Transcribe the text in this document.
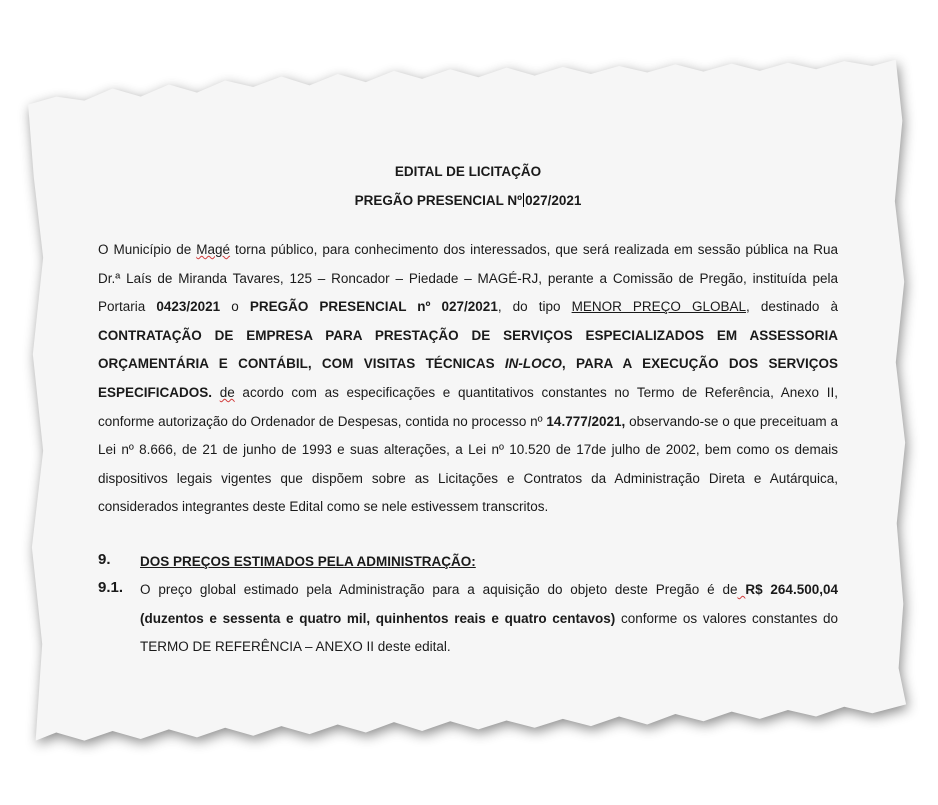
EDITAL DE LICITAÇÃO
PREGÃO PRESENCIAL Nº 027/2021
O Município de Magé torna público, para conhecimento dos interessados, que será realizada em sessão pública na Rua Dr.ª Laís de Miranda Tavares, 125 – Roncador – Piedade – MAGÉ-RJ, perante a Comissão de Pregão, instituída pela Portaria 0423/2021 o PREGÃO PRESENCIAL nº 027/2021, do tipo MENOR PREÇO GLOBAL, destinado à CONTRATAÇÃO DE EMPRESA PARA PRESTAÇÃO DE SERVIÇOS ESPECIALIZADOS EM ASSESSORIA ORÇAMENTÁRIA E CONTÁBIL, COM VISITAS TÉCNICAS IN-LOCO, PARA A EXECUÇÃO DOS SERVIÇOS ESPECIFICADOS. de acordo com as especificações e quantitativos constantes no Termo de Referência, Anexo II, conforme autorização do Ordenador de Despesas, contida no processo nº 14.777/2021, observando-se o que preceituam a Lei nº 8.666, de 21 de junho de 1993 e suas alterações, a Lei nº 10.520 de 17de julho de 2002, bem como os demais dispositivos legais vigentes que dispõem sobre as Licitações e Contratos da Administração Direta e Autárquica, considerados integrantes deste Edital como se nele estivessem transcritos.
9. DOS PREÇOS ESTIMADOS PELA ADMINISTRAÇÃO:
9.1. O preço global estimado pela Administração para a aquisição do objeto deste Pregão é de R$ 264.500,04 (duzentos e sessenta e quatro mil, quinhentos reais e quatro centavos) conforme os valores constantes do TERMO DE REFERÊNCIA – ANEXO II deste edital.
